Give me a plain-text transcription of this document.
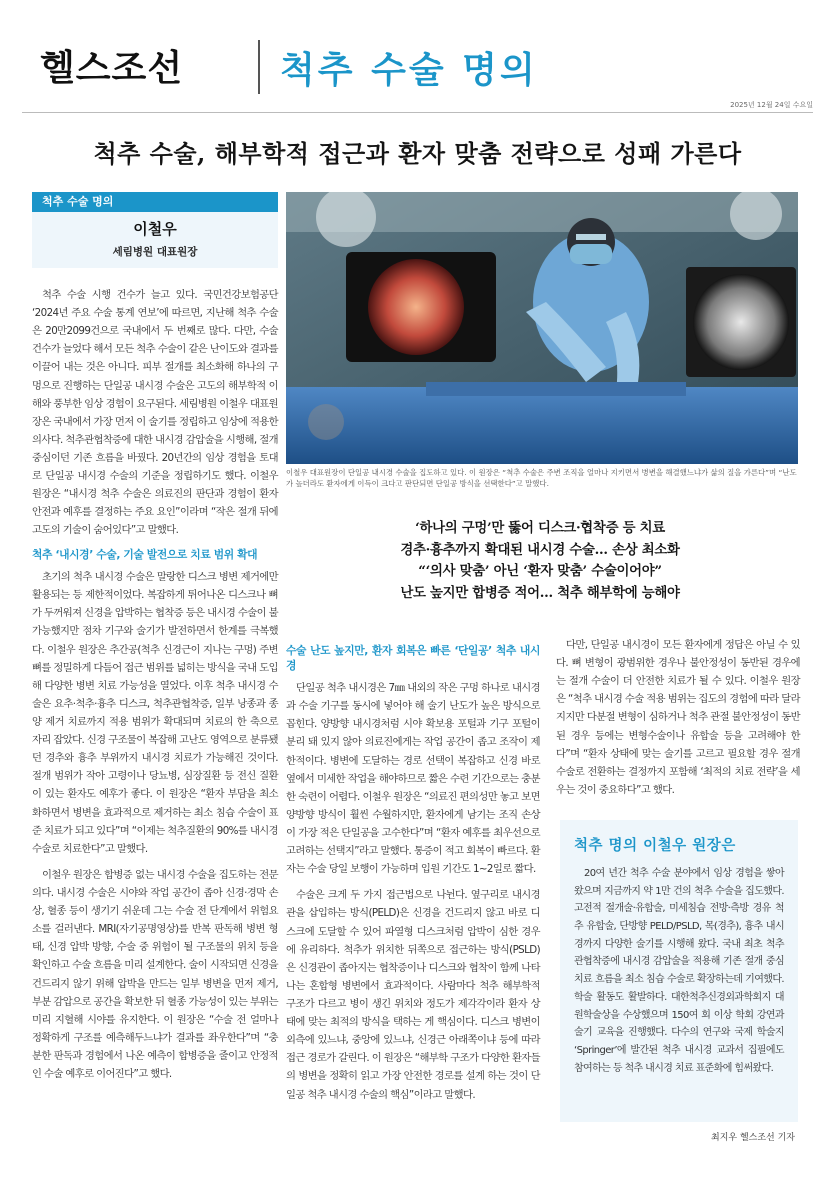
헬스조선	척추 수술 명의
2025년 12월 24일 수요일
척추 수술, 해부학적 접근과 환자 맞춤 전략으로 성패 가른다
척추 수술 명의
이철우
세림병원 대표원장
이철우 대표원장이 단일공 내시경 수술을 집도하고 있다. 이 원장은 “척추 수술은 주변 조직을 얼마나 지키면서 병변을 해결했느냐가 삶의 질을 가른다”며 “난도가 높더라도 환자에게 이득이 크다고 판단되면 단일공 방식을 선택한다”고 말했다.
‘하나의 구멍’만 뚫어 디스크·협착증 등 치료
경추·흉추까지 확대된 내시경 수술… 손상 최소화
“‘의사 맞춤’ 아닌 ‘환자 맞춤’ 수술이어야”
난도 높지만 합병증 적어… 척추 해부학에 능해야

척추 수술 시행 건수가 늘고 있다. 국민건강보험공단 ‘2024년 주요 수술 통계 연보’에 따르면, 지난해 척추 수술은 20만2099건으로 국내에서 두 번째로 많다. 다만, 수술 건수가 늘었다 해서 모든 척추 수술이 같은 난이도와 결과를 이끌어 내는 것은 아니다. 피부 절개를 최소화해 하나의 구멍으로 진행하는 단일공 내시경 수술은 고도의 해부학적 이해와 풍부한 임상 경험이 요구된다. 세림병원 이철우 대표원장은 국내에서 가장 먼저 이 술기를 정립하고 임상에 적용한 의사다. 척추관협착증에 대한 내시경 감압술을 시행해, 절개 중심이던 기존 흐름을 바꿨다. 20년간의 임상 경험을 토대로 단일공 내시경 수술의 기준을 정립하기도 했다. 이철우 원장은 “내시경 척추 수술은 의료진의 판단과 경험이 환자 안전과 예후를 결정하는 주요 요인”이라며 “작은 절개 뒤에 고도의 기술이 숨어있다”고 말했다.

척추 ‘내시경’ 수술, 기술 발전으로 치료 범위 확대

초기의 척추 내시경 수술은 말랑한 디스크 병변 제거에만 활용되는 등 제한적이었다. 복잡하게 튀어나온 디스크나 뼈가 두꺼워져 신경을 압박하는 협착증 등은 내시경 수술이 불가능했지만 점차 기구와 술기가 발전하면서 한계를 극복했다. 이철우 원장은 추간공(척추 신경근이 지나는 구멍) 주변 뼈를 정밀하게 다듬어 접근 범위를 넓히는 방식을 국내 도입해 다양한 병변 치료 가능성을 열었다. 이후 척추 내시경 수술은 요추·척추·흉추 디스크, 척추관협착증, 일부 낭종과 종양 제거 치료까지 적용 범위가 확대되며 치료의 한 축으로 자리 잡았다. 신경 구조물이 복잡해 고난도 영역으로 분류됐던 경추와 흉추 부위까지 내시경 치료가 가능해진 것이다. 절개 범위가 작아 고령이나 당뇨병, 심장질환 등 전신 질환이 있는 환자도 예후가 좋다. 이 원장은 “환자 부담을 최소화하면서 병변을 효과적으로 제거하는 최소 침습 수술이 표준 치료가 되고 있다”며 “이제는 척추질환의 90%를 내시경 수술로 치료한다”고 말했다.

이철우 원장은 합병증 없는 내시경 수술을 집도하는 전문의다. 내시경 수술은 시야와 작업 공간이 좁아 신경·경막 손상, 혈종 등이 생기기 쉬운데 그는 수술 전 단계에서 위험요소를 걸러낸다. MRI(자기공명영상)를 반복 판독해 병변 형태, 신경 압박 방향, 수술 중 위험이 될 구조물의 위치 등을 확인하고 수술 흐름을 미리 설계한다. 술이 시작되면 신경을 건드리지 않기 위해 압박을 만드는 일부 병변을 먼저 제거, 부분 감압으로 공간을 확보한 뒤 혈종 가능성이 있는 부위는 미리 지혈해 시야를 유지한다. 이 원장은 “수술 전 얼마나 정확하게 구조를 예측해두느냐가 결과를 좌우한다”며 “충분한 판독과 경험에서 나온 예측이 합병증을 줄이고 안정적인 수술 예후로 이어진다”고 했다.

수술 난도 높지만, 환자 회복은 빠른 ‘단일공’ 척추 내시경

단일공 척추 내시경은 7㎜ 내외의 작은 구멍 하나로 내시경과 수술 기구를 동시에 넣어야 해 술기 난도가 높은 방식으로 꼽힌다. 양방향 내시경처럼 시야 확보용 포털과 기구 포털이 분리 돼 있지 않아 의료진에게는 작업 공간이 좁고 조작이 제한적이다. 병변에 도달하는 경로 선택이 복잡하고 신경 바로 옆에서 미세한 작업을 해야하므로 짧은 수련 기간으로는 충분한 숙련이 어렵다. 이철우 원장은 “의료진 편의성만 놓고 보면 양방향 방식이 훨씬 수월하지만, 환자에게 남기는 조직 손상이 가장 적은 단일공을 고수한다”며 “환자 예후를 최우선으로 고려하는 선택지”라고 말했다. 통증이 적고 회복이 빠르다. 환자는 수술 당일 보행이 가능하며 입원 기간도 1~2일로 짧다.

수술은 크게 두 가지 접근법으로 나뉜다. 옆구리로 내시경 관을 삽입하는 방식(PELD)은 신경을 건드리지 않고 바로 디스크에 도달할 수 있어 파열형 디스크처럼 압박이 심한 경우에 유리하다. 척추가 위치한 뒤쪽으로 접근하는 방식(PSLD)은 신경관이 좁아지는 협착증이나 디스크와 협착이 함께 나타나는 혼합형 병변에서 효과적이다. 사람마다 척추 해부학적 구조가 다르고 병이 생긴 위치와 정도가 제각각이라 환자 상태에 맞는 최적의 방식을 택하는 게 핵심이다. 디스크 병변이 외측에 있느냐, 중앙에 있느냐, 신경근 아래쪽이냐 등에 따라 접근 경로가 갈린다. 이 원장은 “해부학 구조가 다양한 환자들의 병변을 정확히 읽고 가장 안전한 경로를 설계 하는 것이 단일공 척추 내시경 수술의 핵심”이라고 말했다.

다만, 단일공 내시경이 모든 환자에게 정답은 아닐 수 있다. 뼈 변형이 광범위한 경우나 불안정성이 동반된 경우에는 절개 수술이 더 안전한 치료가 될 수 있다. 이철우 원장은 “척추 내시경 수술 적용 범위는 집도의 경험에 따라 달라지지만 다분절 변형이 심하거나 척추 관절 불안정성이 동반된 경우 등에는 변형수술이나 유합술 등을 고려해야 한다”며 “환자 상태에 맞는 술기를 고르고 필요할 경우 절개 수술로 전환하는 결정까지 포함해 ‘최적의 치료 전략’을 세우는 것이 중요하다”고 했다.

척추 명의 이철우 원장은

20여 년간 척추 수술 분야에서 임상 경험을 쌓아 왔으며 지금까지 약 1만 건의 척추 수술을 집도했다. 고전적 절개술·유합술, 미세침습 전방·측방 경유 척추 유합술, 단방향 PELD/PSLD, 목(경추), 흉추 내시경까지 다양한 술기를 시행해 왔다. 국내 최초 척추관협착증에 내시경 감압술을 적용해 기존 절개 중심 치료 흐름을 최소 침습 수술로 확장하는데 기여했다. 학술 활동도 활발하다. 대한척추신경외과학회지 대원학술상을 수상했으며 150여 회 이상 학회 강연과 술기 교육을 진행했다. 다수의 연구와 국제 학술지 ‘Springer’에 발간된 척추 내시경 교과서 집필에도 참여하는 등 척추 내시경 치료 표준화에 힘써왔다.

최지우 헬스조선 기자
